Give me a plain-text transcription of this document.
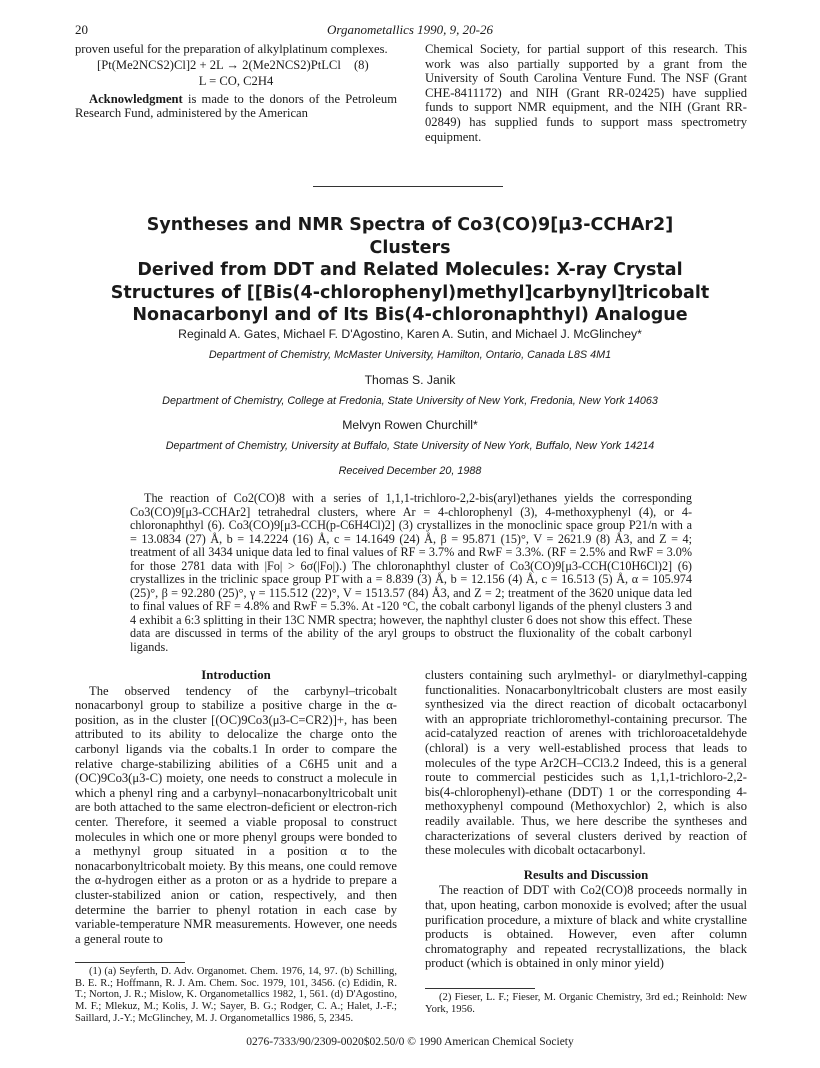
20	Organometallics 1990, 9, 20-26

proven useful for the preparation of alkylplatinum complexes.

[Pt(Me2NCS2)Cl]2 + 2L → 2(Me2NCS2)PtLCl (8)

L = CO, C2H4

Acknowledgment is made to the donors of the Petroleum Research Fund, administered by the American

Chemical Society, for partial support of this research. This work was also partially supported by a grant from the University of South Carolina Venture Fund. The NSF (Grant CHE-8411172) and NIH (Grant RR-02425) have supplied funds to support NMR equipment, and the NIH (Grant RR-02849) has supplied funds to support mass spectrometry equipment.

Syntheses and NMR Spectra of Co3(CO)9[μ3-CCHAr2] Clusters
Derived from DDT and Related Molecules: X-ray Crystal
Structures of [[Bis(4-chlorophenyl)methyl]carbynyl]tricobalt
Nonacarbonyl and of Its Bis(4-chloronaphthyl) Analogue
Reginald A. Gates, Michael F. D'Agostino, Karen A. Sutin, and Michael J. McGlinchey*
Department of Chemistry, McMaster University, Hamilton, Ontario, Canada L8S 4M1
Thomas S. Janik
Department of Chemistry, College at Fredonia, State University of New York, Fredonia, New York 14063
Melvyn Rowen Churchill*
Department of Chemistry, University at Buffalo, State University of New York, Buffalo, New York 14214
Received December 20, 1988
The reaction of Co2(CO)8 with a series of 1,1,1-trichloro-2,2-bis(aryl)ethanes yields the corresponding Co3(CO)9[μ3-CCHAr2] tetrahedral clusters, where Ar = 4-chlorophenyl (3), 4-methoxyphenyl (4), or 4-chloronaphthyl (6). Co3(CO)9[μ3-CCH(p-C6H4Cl)2] (3) crystallizes in the monoclinic space group P21/n with a = 13.0834 (27) Å, b = 14.2224 (16) Å, c = 14.1649 (24) Å, β = 95.871 (15)°, V = 2621.9 (8) Å3, and Z = 4; treatment of all 3434 unique data led to final values of RF = 3.7% and RwF = 3.3%. (RF = 2.5% and RwF = 3.0% for those 2781 data with |Fo| > 6σ(|Fo|).) The chloronaphthyl cluster of Co3(CO)9[μ3-CCH(C10H6Cl)2] (6) crystallizes in the triclinic space group P1̄ with a = 8.839 (3) Å, b = 12.156 (4) Å, c = 16.513 (5) Å, α = 105.974 (25)°, β = 92.280 (25)°, γ = 115.512 (22)°, V = 1513.57 (84) Å3, and Z = 2; treatment of the 3620 unique data led to final values of RF = 4.8% and RwF = 5.3%. At -120 °C, the cobalt carbonyl ligands of the phenyl clusters 3 and 4 exhibit a 6:3 splitting in their 13C NMR spectra; however, the naphthyl cluster 6 does not show this effect. These data are discussed in terms of the ability of the aryl groups to obstruct the fluxionality of the cobalt carbonyl ligands.
Introduction

The observed tendency of the carbynyl–tricobalt nonacarbonyl group to stabilize a positive charge in the α-position, as in the cluster [(OC)9Co3(μ3-C=CR2)]+, has been attributed to its ability to delocalize the charge onto the carbonyl ligands via the cobalts.1 In order to compare the relative charge-stabilizing abilities of a C6H5 unit and a (OC)9Co3(μ3-C) moiety, one needs to construct a molecule in which a phenyl ring and a carbynyl–nonacarbonyltricobalt unit are both attached to the same electron-deficient or electron-rich center. Therefore, it seemed a viable proposal to construct molecules in which one or more phenyl groups were bonded to a methynyl group situated in a position α to the nonacarbonyltricobalt moiety. By this means, one could remove the α-hydrogen either as a proton or as a hydride to prepare a cluster-stabilized anion or cation, respectively, and then determine the barrier to phenyl rotation in each case by variable-temperature NMR measurements. However, one needs a general route to

(1) (a) Seyferth, D. Adv. Organomet. Chem. 1976, 14, 97. (b) Schilling, B. E. R.; Hoffmann, R. J. Am. Chem. Soc. 1979, 101, 3456. (c) Edidin, R. T.; Norton, J. R.; Mislow, K. Organometallics 1982, 1, 561. (d) D'Agostino, M. F.; Mlekuz, M.; Kolis, J. W.; Sayer, B. G.; Rodger, C. A.; Halet, J.-F.; Saillard, J.-Y.; McGlinchey, M. J. Organometallics 1986, 5, 2345.

clusters containing such arylmethyl- or diarylmethyl-capping functionalities. Nonacarbonyltricobalt clusters are most easily synthesized via the direct reaction of dicobalt octacarbonyl with an appropriate trichloromethyl-containing precursor. The acid-catalyzed reaction of arenes with trichloroacetaldehyde (chloral) is a very well-established process that leads to molecules of the type Ar2CH–CCl3.2 Indeed, this is a general route to commercial pesticides such as 1,1,1-trichloro-2,2-bis(4-chlorophenyl)-ethane (DDT) 1 or the corresponding 4-methoxyphenyl compound (Methoxychlor) 2, which is also readily available. Thus, we here describe the syntheses and characterizations of several clusters derived by reaction of these molecules with dicobalt octacarbonyl.

Results and Discussion

The reaction of DDT with Co2(CO)8 proceeds normally in that, upon heating, carbon monoxide is evolved; after the usual purification procedure, a mixture of black and white crystalline products is obtained. However, even after column chromatography and repeated recrystallizations, the black product (which is obtained in only minor yield)

(2) Fieser, L. F.; Fieser, M. Organic Chemistry, 3rd ed.; Reinhold: New York, 1956.

0276-7333/90/2309-0020$02.50/0 © 1990 American Chemical Society
